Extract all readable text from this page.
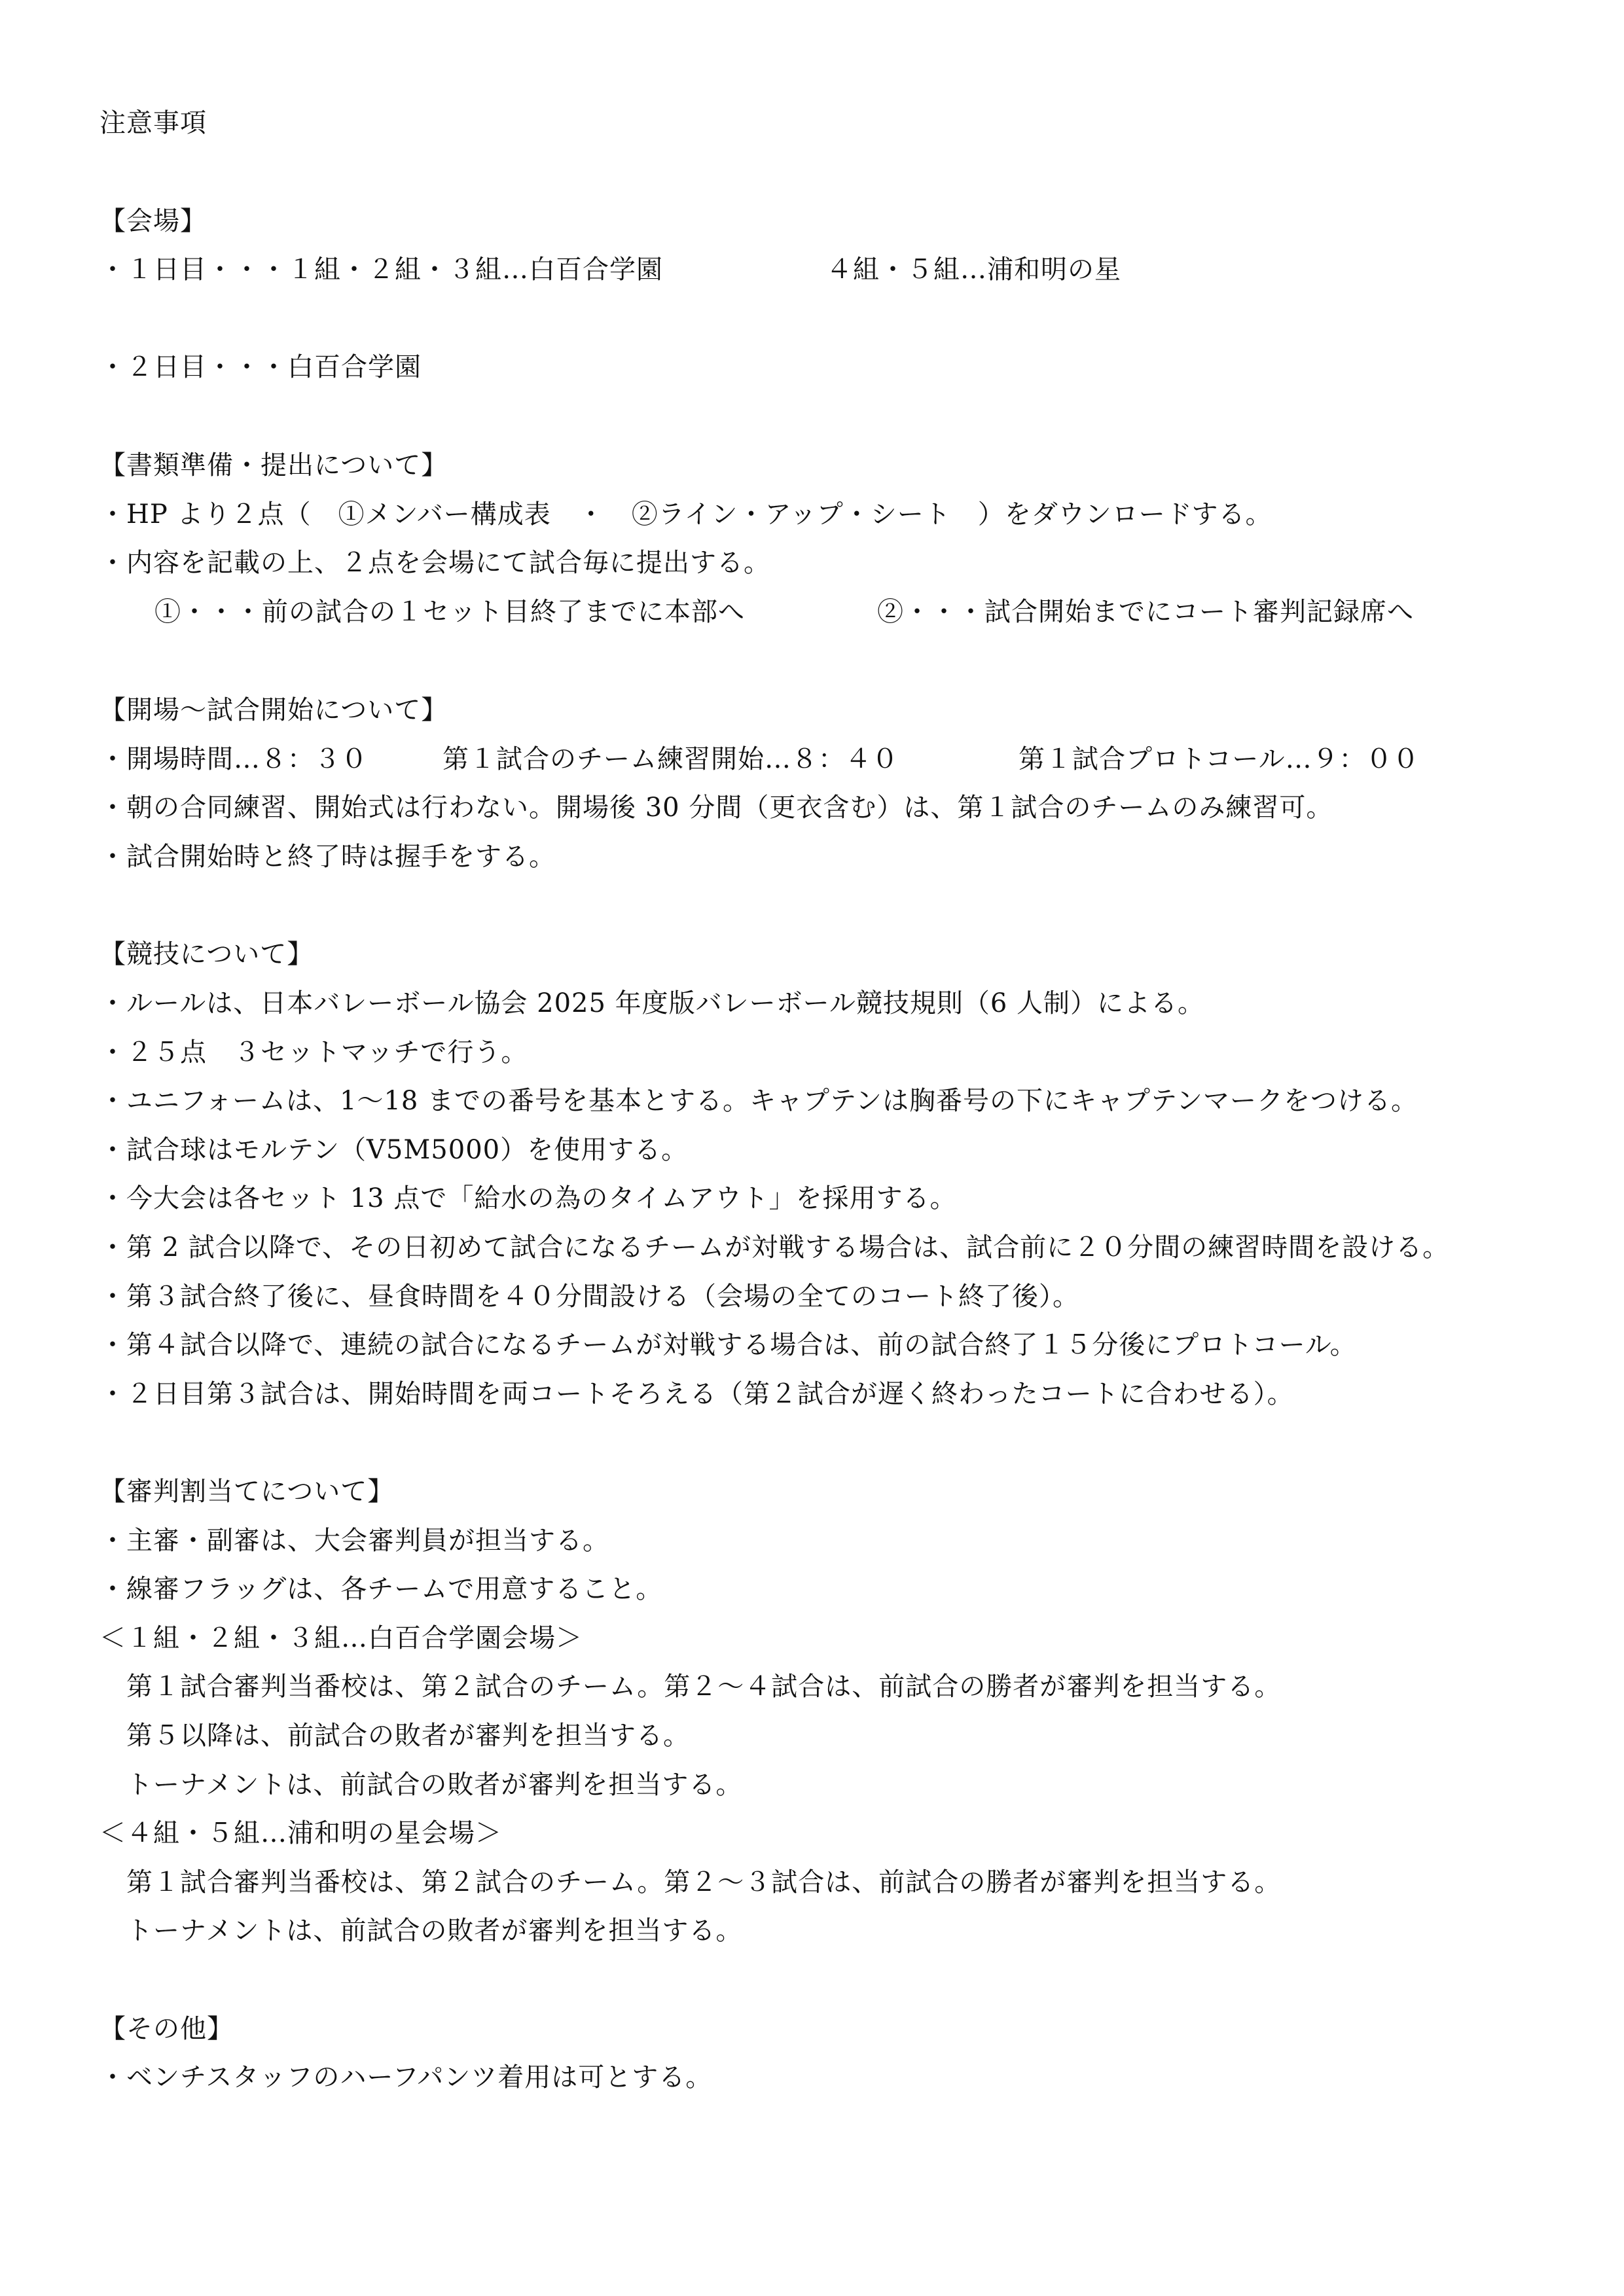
注意事項
【会場】
・１日目・・・１組・２組・３組…白百合学園	４組・５組…浦和明の星
・２日目・・・白百合学園
【書類準備・提出について】
・HP より２点（　①メンバー構成表　・　②ライン・アップ・シート　）をダウンロードする。
・内容を記載の上、２点を会場にて試合毎に提出する。
①・・・前の試合の１セット目終了までに本部へ	②・・・試合開始までにコート審判記録席へ
【開場～試合開始について】
・開場時間…８：３０	第１試合のチーム練習開始…８：４０	第１試合プロトコール…９：００
・朝の合同練習、開始式は行わない。開場後 30 分間（更衣含む）は、第１試合のチームのみ練習可。
・試合開始時と終了時は握手をする。
【競技について】
・ルールは、日本バレーボール協会 2025 年度版バレーボール競技規則（6 人制）による。
・２５点　３セットマッチで行う。
・ユニフォームは、1～18 までの番号を基本とする。キャプテンは胸番号の下にキャプテンマークをつける。
・試合球はモルテン（V5M5000）を使用する。
・今大会は各セット 13 点で「給水の為のタイムアウト」を採用する。
・第 2 試合以降で、その日初めて試合になるチームが対戦する場合は、試合前に２０分間の練習時間を設ける。
・第３試合終了後に、昼食時間を４０分間設ける（会場の全てのコート終了後）。
・第４試合以降で、連続の試合になるチームが対戦する場合は、前の試合終了１５分後にプロトコール。
・２日目第３試合は、開始時間を両コートそろえる（第２試合が遅く終わったコートに合わせる）。
【審判割当てについて】
・主審・副審は、大会審判員が担当する。
・線審フラッグは、各チームで用意すること。
＜１組・２組・３組…白百合学園会場＞
　第１試合審判当番校は、第２試合のチーム。第２～４試合は、前試合の勝者が審判を担当する。
　第５以降は、前試合の敗者が審判を担当する。
　トーナメントは、前試合の敗者が審判を担当する。
＜４組・５組…浦和明の星会場＞
　第１試合審判当番校は、第２試合のチーム。第２～３試合は、前試合の勝者が審判を担当する。
　トーナメントは、前試合の敗者が審判を担当する。
【その他】
・ベンチスタッフのハーフパンツ着用は可とする。
